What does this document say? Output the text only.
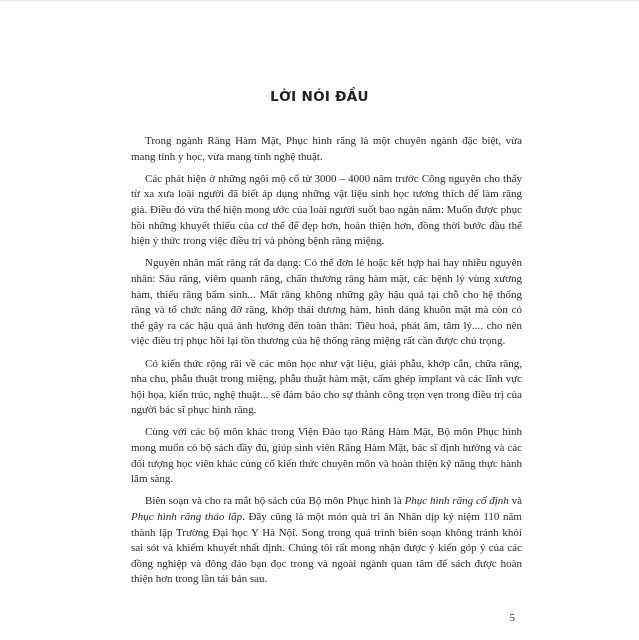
LỜI NÓI ĐẦU

Trong ngành Răng Hàm Mặt, Phục hình răng là một chuyên ngành đặc biệt, vừa mang tính y học, vừa mang tính nghệ thuật.

Các phát hiện ở những ngôi mộ cổ từ 3000 – 4000 năm trước Công nguyên cho thấy từ xa xưa loài người đã biết áp dụng những vật liệu sinh học tương thích để làm răng giả. Điều đó vừa thể hiện mong ước của loài người suốt bao ngàn năm: Muốn được phục hồi những khuyết thiếu của cơ thể để đẹp hơn, hoàn thiện hơn, đồng thời bước đầu thể hiện ý thức trong việc điều trị và phòng bệnh răng miệng.

Nguyên nhân mất răng rất đa dạng: Có thể đơn lẻ hoặc kết hợp hai hay nhiều nguyên nhân: Sâu răng, viêm quanh răng, chấn thương răng hàm mặt, các bệnh lý vùng xương hàm, thiếu răng bẩm sinh... Mất răng không những gây hậu quả tại chỗ cho hệ thống răng và tổ chức nâng đỡ răng, khớp thái dương hàm, hình dáng khuôn mặt mà còn có thể gây ra các hậu quả ảnh hưởng đến toàn thân: Tiêu hoá, phát âm, tâm lý.... cho nên việc điều trị phục hồi lại tồn thương của hệ thống răng miệng rất cần được chú trọng.

Có kiến thức rộng rãi về các môn học như vật liệu, giải phẫu, khớp cắn, chữa răng, nha chu, phẫu thuật trong miệng, phẫu thuật hàm mặt, cấm ghép implant và các lĩnh vực hội họa, kiến trúc, nghệ thuật... sẽ đảm bảo cho sự thành công trọn vẹn trong điều trị của người bác sĩ phục hình răng.

Cùng với các bộ môn khác trong Viện Đào tạo Răng Hàm Mặt, Bộ môn Phục hình mong muốn có bộ sách đầy đủ, giúp sinh viên Răng Hàm Mặt, bác sĩ định hướng và các đối tượng học viên khác củng cố kiến thức chuyên môn và hoàn thiện kỹ năng thực hành lâm sàng.

Biên soạn và cho ra mắt bộ sách của Bộ môn Phục hình là Phục hình răng cố định và Phục hình răng tháo lắp. Đây cũng là một món quà tri ân Nhân dịp kỷ niệm 110 năm thành lập Trường Đại học Y Hà Nội. Song trong quá trình biên soạn không tránh khỏi sai sót và khiếm khuyết nhất định. Chúng tôi rất mong nhận được ý kiến góp ý của các đồng nghiệp và đông đảo bạn đọc trong và ngoài ngành quan tâm để sách được hoàn thiện hơn trong lần tái bản sau.

5
